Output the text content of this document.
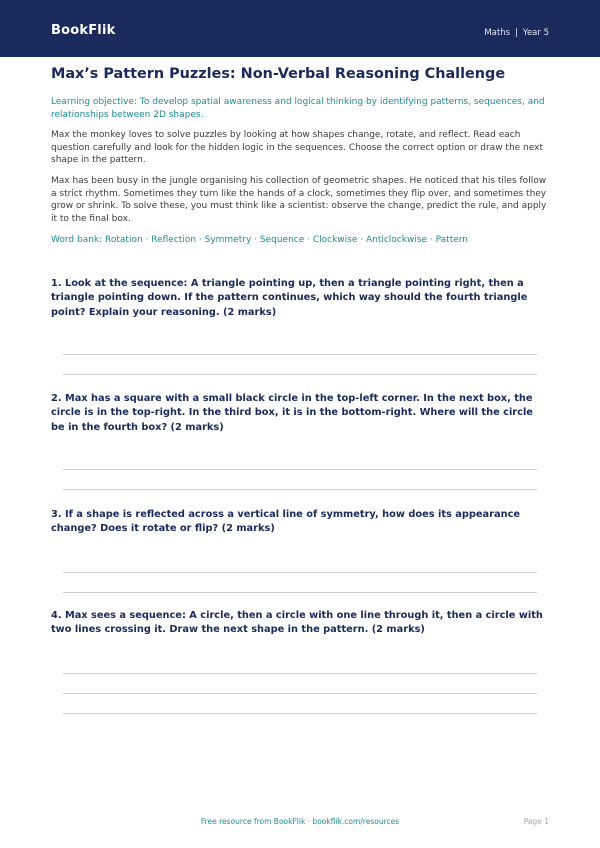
BookFlik	Maths | Year 5
Max’s Pattern Puzzles: Non-Verbal Reasoning Challenge

Learning objective: To develop spatial awareness and logical thinking by identifying patterns, sequences, and relationships between 2D shapes.

Max the monkey loves to solve puzzles by looking at how shapes change, rotate, and reflect. Read each question carefully and look for the hidden logic in the sequences. Choose the correct option or draw the next shape in the pattern.

Max has been busy in the jungle organising his collection of geometric shapes. He noticed that his tiles follow a strict rhythm. Sometimes they turn like the hands of a clock, sometimes they flip over, and sometimes they grow or shrink. To solve these, you must think like a scientist: observe the change, predict the rule, and apply it to the final box.

Word bank: Rotation · Reflection · Symmetry · Sequence · Clockwise · Anticlockwise · Pattern

1. Look at the sequence: A triangle pointing up, then a triangle pointing right, then a triangle pointing down. If the pattern continues, which way should the fourth triangle point? Explain your reasoning. (2 marks)

2. Max has a square with a small black circle in the top-left corner. In the next box, the circle is in the top-right. In the third box, it is in the bottom-right. Where will the circle be in the fourth box? (2 marks)

3. If a shape is reflected across a vertical line of symmetry, how does its appearance change? Does it rotate or flip? (2 marks)

4. Max sees a sequence: A circle, then a circle with one line through it, then a circle with two lines crossing it. Draw the next shape in the pattern. (2 marks)

Free resource from BookFlik · bookflik.com/resources	Page 1
